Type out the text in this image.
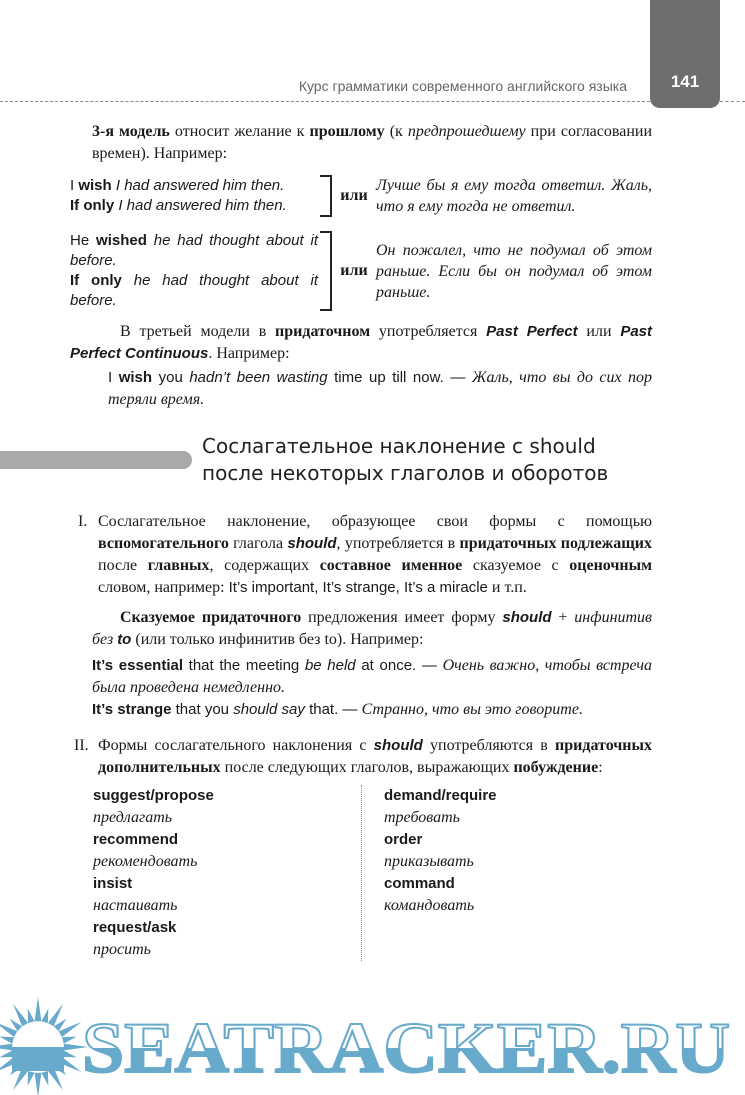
141
Курс грамматики современного английского языка
3-я модель относит желание к прошлому (к предпрошедшему при согласовании времен). Например:
I wish I had answered him then.
If only I had answered him then.
или
Лучше бы я ему тогда ответил. Жаль, что я ему тогда не ответил.
He wished he had thought about it before.
If only he had thought about it before.
или
Он пожалел, что не подумал об этом раньше. Если бы он подумал об этом раньше.
В третьей модели в придаточном употребляется Past Perfect или Past Perfect Continuous. Например:
I wish you hadn’t been wasting time up till now. — Жаль, что вы до сих пор теряли время.
Сослагательное наклонение с should
после некоторых глаголов и оборотов
I. Сослагательное наклонение, образующее свои формы с помощью вспомогательного глагола should, употребляется в придаточных подлежащих после главных, содержащих составное именное сказуемое с оценочным словом, например: It’s important, It’s strange, It’s a miracle и т.п.
Сказуемое придаточного предложения имеет форму should + инфинитив без to (или только инфинитив без to). Например:
It’s essential that the meeting be held at once. — Очень важно, чтобы встреча была проведена немедленно.
It’s strange that you should say that. — Странно, что вы это говорите.
II. Формы сослагательного наклонения с should употребляются в придаточных дополнительных после следующих глаголов, выражающих побуждение:
suggest/propose
предлагать
recommend
рекомендовать
insist
настаивать
request/ask
просить
demand/require
требовать
order
приказывать
command
командовать
SEATRACKER.RU
